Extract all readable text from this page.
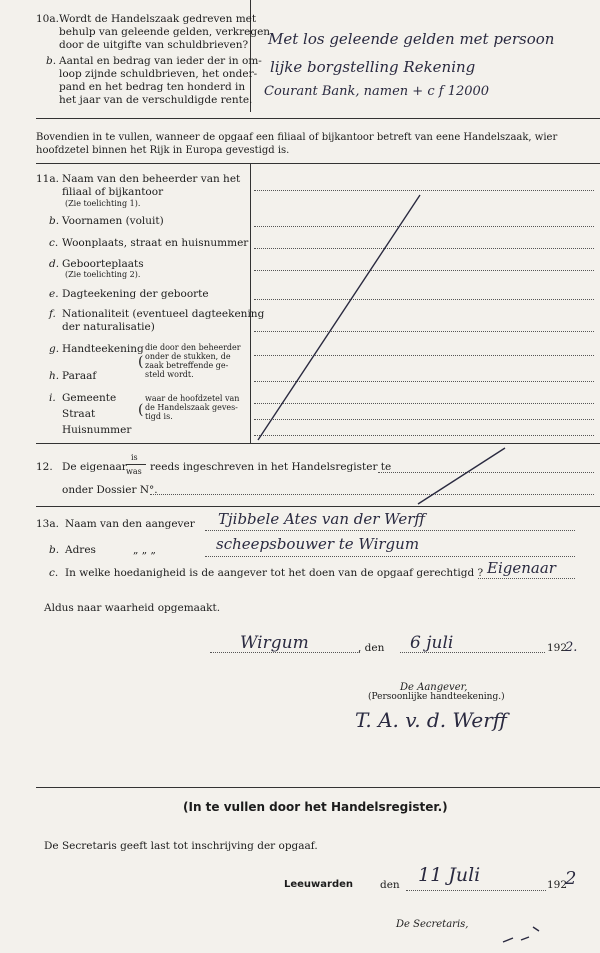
10a. Wordt de Handelszaak gedreven met
behulp van geleende gelden, verkregen
door de uitgifte van schuldbrieven?
b. Aantal en bedrag van ieder der in om-
loop zijnde schuldbrieven, het onder-
pand en het bedrag ten honderd in
het jaar van de verschuldigde rente.
Met los geleende gelden met persoon
lijke borgstelling Rekening
Courant Bank, namen + c f 12000
Bovendien in te vullen, wanneer de opgaaf een filiaal of bijkantoor betreft van eene Handelszaak, wier
hoofdzetel binnen het Rijk in Europa gevestigd is.
11a. Naam van den beheerder van het
filiaal of bijkantoor
(Zie toelichting 1).
b. Voornamen (voluit)
Woonplaats, straat en huisnummer
c.
d. Geboorteplaats
(Zie toelichting 2).
e. Dagteekening der geboorte
f. Nationaliteit (eventueel dagteekening
der naturalisatie)
g. Handteekening
h. Paraaf
(
die door den beheerder
onder de stukken, de
zaak betreffende ge-
steld wordt.
i. Gemeente
Straat
Huisnummer
(
waar de hoofdzetel van
de Handelszaak geves-
tigd is.
12. De eigenaar
is
was reeds ingeschreven in het Handelsregister te
onder Dossier N°.
13a. Naam van den aangever Tjibbele Ates van der Werff
b. Adres	„ „ „	scheepsbouwer te Wirgum
c. In welke hoedanigheid is de aangever tot het doen van de opgaaf gerechtigd ? Eigenaar
Aldus naar waarheid opgemaakt.
Wirgum	, den 6 juli	192
2.
De Aangever,
(Persoonlijke handteekening.)
T. A. v. d. Werff
(In te vullen door het Handelsregister.)
De Secretaris geeft last tot inschrijving der opgaaf.
Leeuwarden	den 11 Juli	192
2
De Secretaris,
